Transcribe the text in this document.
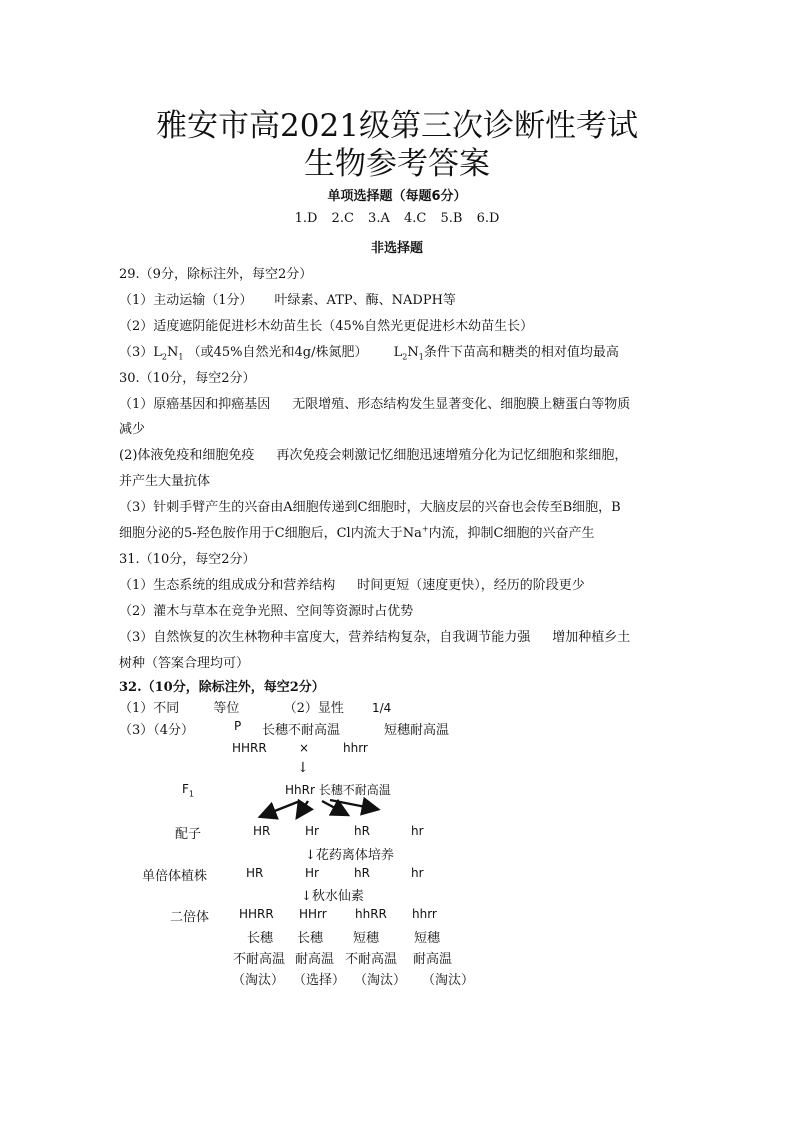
雅安市高2021级第三次诊断性考试
生物参考答案
单项选择题（每题6分）
1.D 2.C 3.A 4.C 5.B 6.D
非选择题
29.（9分，除标注外，每空2分）
（1）主动运输（1分） 叶绿素、ATP、酶、NADPH等
（2）适度遮阴能促进杉木幼苗生长（45%自然光更促进杉木幼苗生长）
$(3)L_2N_1$ （或45%自然光和4g/株氮肥） $L_2N_1$条件下苗高和糖类的相对值均最高
30.（10分，每空2分）
（1）原癌基因和抑癌基因 无限增殖、形态结构发生显著变化、细胞膜上糖蛋白等物质
减少
(2)体液免疫和细胞免疫 再次免疫会刺激记忆细胞迅速增殖分化为记忆细胞和浆细胞，
并产生大量抗体
（3）针刺手臂产生的兴奋由A细胞传递到C细胞时，大脑皮层的兴奋也会传至B细胞，B
细胞分泌的5-羟色胺作用于C细胞后，Cl内流大于Na+内流，抑制C细胞的兴奋产生
31.（10分，每空2分）
（1）生态系统的组成成分和营养结构 时间更短（速度更快），经历的阶段更少
（2）灌木与草本在竞争光照、空间等资源时占优势
（3）自然恢复的次生林物种丰富度大，营养结构复杂，自我调节能力强 增加种植乡土
树种（答案合理均可）
32.（10分，除标注外，每空2分）
（1）不同	等位	（2）显性 1/4
（3）（4分）	P 长穗不耐高温	短穗耐高温
HHRR	×	hhrr
↓
$F_1$	HhRr 长穗不耐高温
配子	HR	Hr	hR	hr
↓花药离体培养
单倍体植株	HR	Hr	hR	hr
↓秋水仙素
二倍体 HHRR HHrr hhRR hhrr
长穗 长穗 短穗	短穗
不耐高温 耐高温 不耐高温 耐高温
（淘汰） （选择） （淘汰） （淘汰）
